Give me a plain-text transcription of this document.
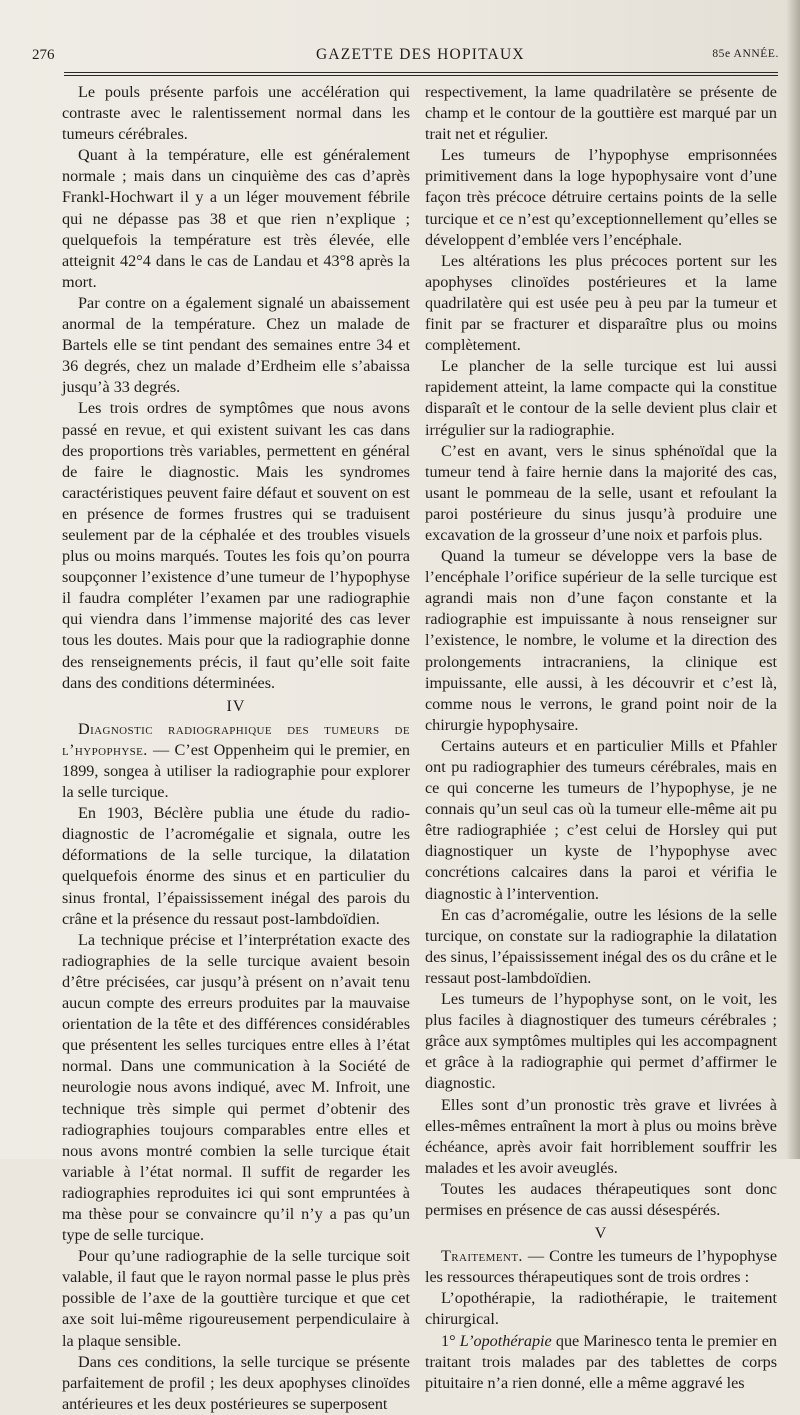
276	GAZETTE DES HOPITAUX	85e ANNÉE.

Le pouls présente parfois une accélération qui contraste avec le ralentissement normal dans les tumeurs cérébrales.

Quant à la température, elle est généralement normale ; mais dans un cinquième des cas d’après Frankl-Hochwart il y a un léger mouvement fébrile qui ne dépasse pas 38 et que rien n’explique ; quelquefois la température est très élevée, elle atteignit 42°4 dans le cas de Landau et 43°8 après la mort.

Par contre on a également signalé un abaissement anormal de la température. Chez un malade de Bartels elle se tint pendant des semaines entre 34 et 36 degrés, chez un malade d’Erdheim elle s’abaissa jusqu’à 33 degrés.

Les trois ordres de symptômes que nous avons passé en revue, et qui existent suivant les cas dans des proportions très variables, permettent en général de faire le diagnostic. Mais les syndromes caractéristiques peuvent faire défaut et souvent on est en présence de formes frustres qui se traduisent seulement par de la céphalée et des troubles visuels plus ou moins marqués. Toutes les fois qu’on pourra soupçonner l’existence d’une tumeur de l’hypophyse il faudra compléter l’examen par une radiographie qui viendra dans l’immense majorité des cas lever tous les doutes. Mais pour que la radiographie donne des renseignements précis, il faut qu’elle soit faite dans des conditions déterminées.

IV

Diagnostic radiographique des tumeurs de l’hypophyse. — C’est Oppenheim qui le premier, en 1899, songea à utiliser la radiographie pour explorer la selle turcique.

En 1903, Béclère publia une étude du radio-diagnostic de l’acromégalie et signala, outre les déformations de la selle turcique, la dilatation quelquefois énorme des sinus et en particulier du sinus frontal, l’épaississement inégal des parois du crâne et la présence du ressaut post-lambdoïdien.

La technique précise et l’interprétation exacte des radiographies de la selle turcique avaient besoin d’être précisées, car jusqu’à présent on n’avait tenu aucun compte des erreurs produites par la mauvaise orientation de la tête et des différences considérables que présentent les selles turciques entre elles à l’état normal. Dans une communication à la Société de neurologie nous avons indiqué, avec M. Infroit, une technique très simple qui permet d’obtenir des radiographies toujours comparables entre elles et nous avons montré combien la selle turcique était variable à l’état normal. Il suffit de regarder les radiographies reproduites ici qui sont empruntées à ma thèse pour se convaincre qu’il n’y a pas qu’un type de selle turcique.

Pour qu’une radiographie de la selle turcique soit valable, il faut que le rayon normal passe le plus près possible de l’axe de la gouttière turcique et que cet axe soit lui-même rigoureusement perpendiculaire à la plaque sensible.

Dans ces conditions, la selle turcique se présente parfaitement de profil ; les deux apophyses clinoïdes antérieures et les deux postérieures se superposent

respectivement, la lame quadrilatère se présente de champ et le contour de la gouttière est marqué par un trait net et régulier.

Les tumeurs de l’hypophyse emprisonnées primitivement dans la loge hypophysaire vont d’une façon très précoce détruire certains points de la selle turcique et ce n’est qu’exceptionnellement qu’elles se développent d’emblée vers l’encéphale.

Les altérations les plus précoces portent sur les apophyses clinoïdes postérieures et la lame quadrilatère qui est usée peu à peu par la tumeur et finit par se fracturer et disparaître plus ou moins complètement.

Le plancher de la selle turcique est lui aussi rapidement atteint, la lame compacte qui la constitue disparaît et le contour de la selle devient plus clair et irrégulier sur la radiographie.

C’est en avant, vers le sinus sphénoïdal que la tumeur tend à faire hernie dans la majorité des cas, usant le pommeau de la selle, usant et refoulant la paroi postérieure du sinus jusqu’à produire une excavation de la grosseur d’une noix et parfois plus.

Quand la tumeur se développe vers la base de l’encéphale l’orifice supérieur de la selle turcique est agrandi mais non d’une façon constante et la radiographie est impuissante à nous renseigner sur l’existence, le nombre, le volume et la direction des prolongements intracraniens, la clinique est impuissante, elle aussi, à les découvrir et c’est là, comme nous le verrons, le grand point noir de la chirurgie hypophysaire.

Certains auteurs et en particulier Mills et Pfahler ont pu radiographier des tumeurs cérébrales, mais en ce qui concerne les tumeurs de l’hypophyse, je ne connais qu’un seul cas où la tumeur elle-même ait pu être radiographiée ; c’est celui de Horsley qui put diagnostiquer un kyste de l’hypophyse avec concrétions calcaires dans la paroi et vérifia le diagnostic à l’intervention.

En cas d’acromégalie, outre les lésions de la selle turcique, on constate sur la radiographie la dilatation des sinus, l’épaississement inégal des os du crâne et le ressaut post-lambdoïdien.

Les tumeurs de l’hypophyse sont, on le voit, les plus faciles à diagnostiquer des tumeurs cérébrales ; grâce aux symptômes multiples qui les accompagnent et grâce à la radiographie qui permet d’affirmer le diagnostic.

Elles sont d’un pronostic très grave et livrées à elles-mêmes entraînent la mort à plus ou moins brève échéance, après avoir fait horriblement souffrir les malades et les avoir aveuglés.

Toutes les audaces thérapeutiques sont donc permises en présence de cas aussi désespérés.

V

Traitement. — Contre les tumeurs de l’hypophyse les ressources thérapeutiques sont de trois ordres :

L’opothérapie, la radiothérapie, le traitement chirurgical.

1° L’opothérapie que Marinesco tenta le premier en traitant trois malades par des tablettes de corps pituitaire n’a rien donné, elle a même aggravé les
